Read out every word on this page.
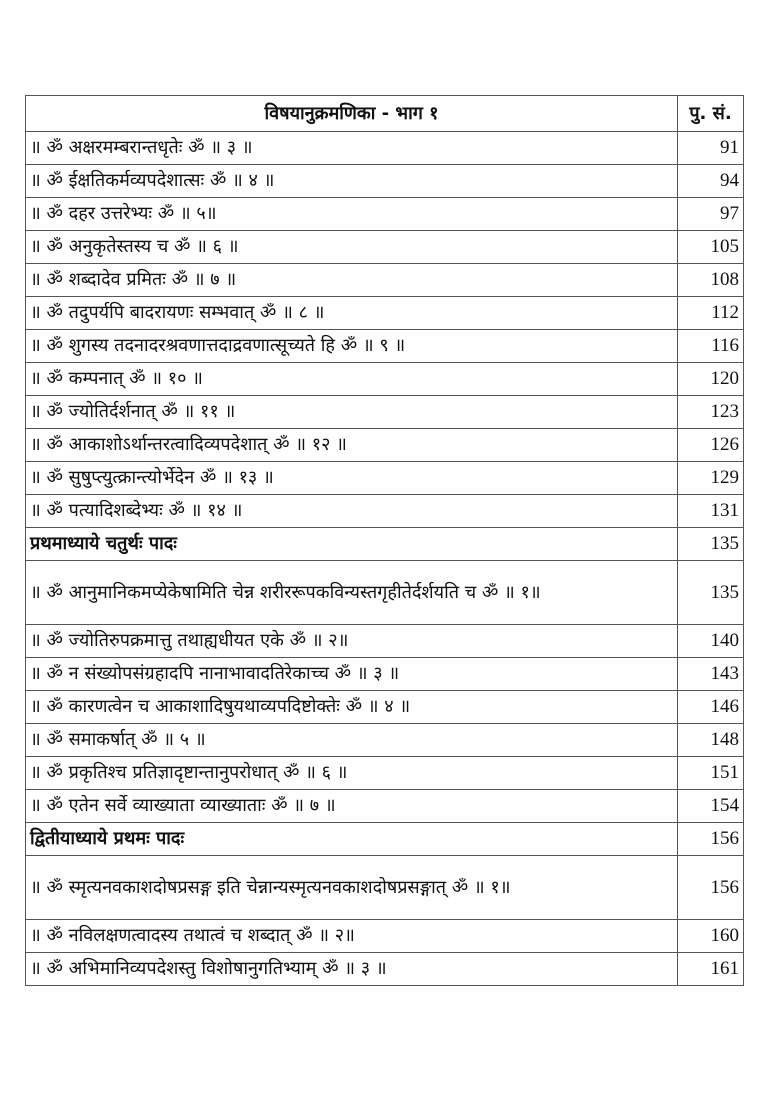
विषयानुक्रमणिका - भाग १	पु. सं.
॥ ॐ अक्षरमम्बरान्तधृतेः ॐ ॥ ३ ॥	91
॥ ॐ ईक्षतिकर्मव्यपदेशात्सः ॐ ॥ ४ ॥	94
॥ ॐ दहर उत्तरेभ्यः ॐ ॥ ५॥	97
॥ ॐ अनुकृतेस्तस्य च ॐ ॥ ६ ॥	105
॥ ॐ शब्दादेव प्रमितः ॐ ॥ ७ ॥	108
॥ ॐ तदुपर्यपि बादरायणः सम्भवात् ॐ ॥ ८ ॥	112
॥ ॐ शुगस्य तदनादरश्रवणात्तदाद्रवणात्सूच्यते हि ॐ ॥ ९ ॥	116
॥ ॐ कम्पनात् ॐ ॥ १० ॥	120
॥ ॐ ज्योतिर्दर्शनात् ॐ ॥ ११ ॥	123
॥ ॐ आकाशोऽर्थान्तरत्वादिव्यपदेशात् ॐ ॥ १२ ॥	126
॥ ॐ सुषुप्त्युत्क्रान्त्योर्भेदेन ॐ ॥ १३ ॥	129
॥ ॐ पत्यादिशब्देभ्यः ॐ ॥ १४ ॥	131
प्रथमाध्याये चतुर्थः पादः	135
॥ ॐ आनुमानिकमप्येकेषामिति चेन्न शरीररूपकविन्यस्तगृहीतेर्दर्शयति च ॐ ॥ १॥	135
॥ ॐ ज्योतिरुपक्रमात्तु तथाह्यधीयत एके ॐ ॥ २॥	140
॥ ॐ न संख्योपसंग्रहादपि नानाभावादतिरेकाच्च ॐ ॥ ३ ॥	143
॥ ॐ कारणत्वेन च आकाशादिषुयथाव्यपदिष्टोक्तेः ॐ ॥ ४ ॥	146
॥ ॐ समाकर्षात् ॐ ॥ ५ ॥	148
॥ ॐ प्रकृतिश्च प्रतिज्ञादृष्टान्तानुपरोधात् ॐ ॥ ६ ॥	151
॥ ॐ एतेन सर्वे व्याख्याता व्याख्याताः ॐ ॥ ७ ॥	154
द्वितीयाध्याये प्रथमः पादः	156
॥ ॐ स्मृत्यनवकाशदोषप्रसङ्ग इति चेन्नान्यस्मृत्यनवकाशदोषप्रसङ्गात् ॐ ॥ १॥	156
॥ ॐ नविलक्षणत्वादस्य तथात्वं च शब्दात् ॐ ॥ २॥	160
॥ ॐ अभिमानिव्यपदेशस्तु विशोषानुगतिभ्याम् ॐ ॥ ३ ॥	161
